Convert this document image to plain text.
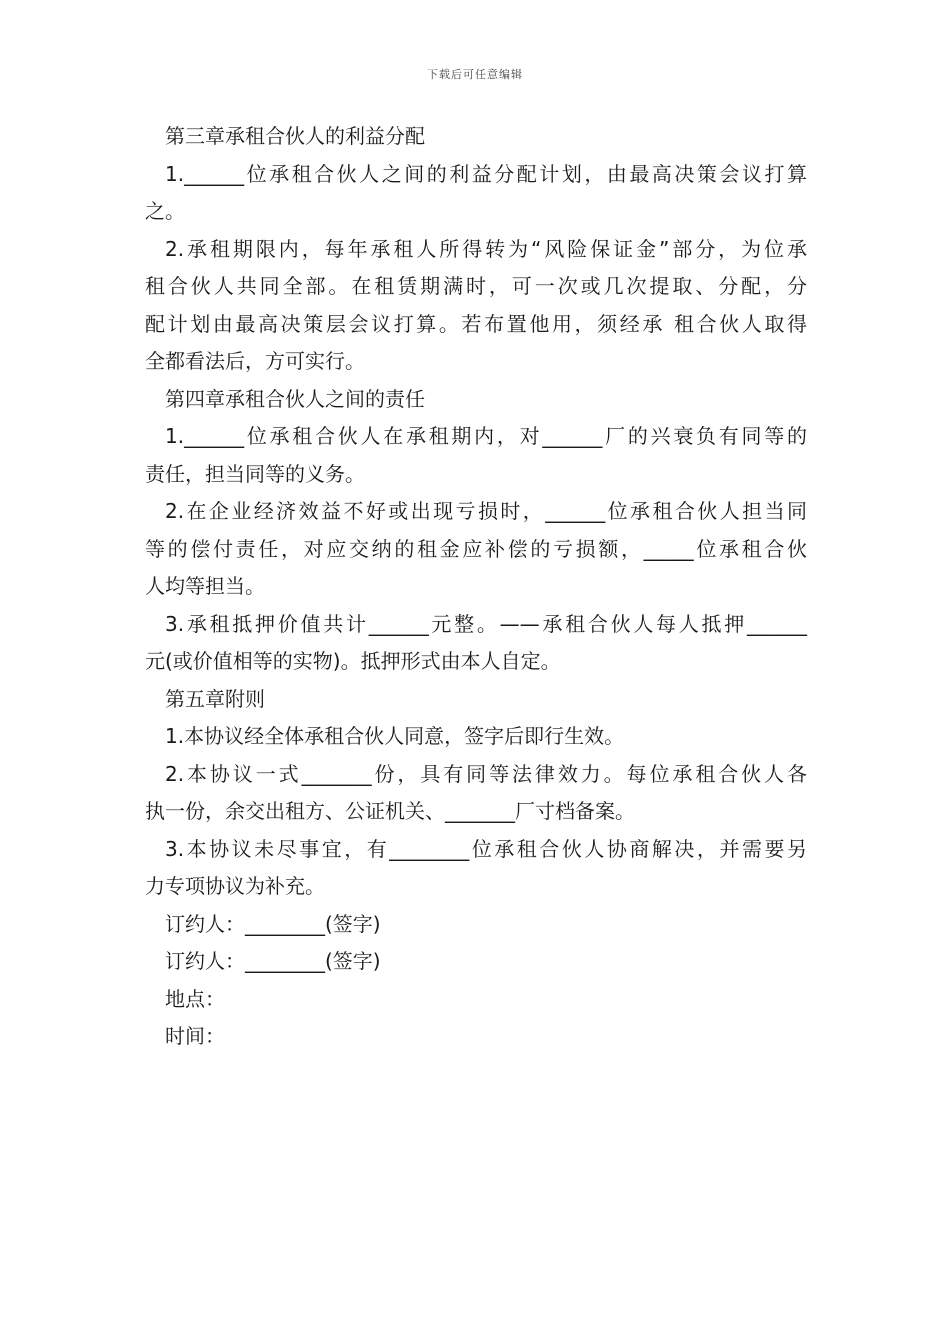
下载后可任意编辑
第三章承租合伙人的利益分配
1.______位承租合伙人之间的利益分配计划，由最高决策会议打算
之。
2.承租期限内，每年承租人所得转为“风险保证金”部分，为位承
租合伙人共同全部。在租赁期满时，可一次或几次提取、分配，分
配计划由最高决策层会议打算。若布置他用，须经承 租合伙人取得
全都看法后，方可实行。
第四章承租合伙人之间的责任
1.______位承租合伙人在承租期内，对______厂的兴衰负有同等的
责任，担当同等的义务。
2.在企业经济效益不好或出现亏损时，______位承租合伙人担当同
等的偿付责任，对应交纳的租金应补偿的亏损额，_____位承租合伙
人均等担当。
3.承租抵押价值共计______元整。——承租合伙人每人抵押______
元(或价值相等的实物)。抵押形式由本人自定。
第五章附则
1.本协议经全体承租合伙人同意，签字后即行生效。
2.本协议一式_______份，具有同等法律效力。每位承租合伙人各
执一份，余交出租方、公证机关、_______厂寸档备案。
3.本协议未尽事宜，有________位承租合伙人协商解决，并需要另
力专项协议为补充。
订约人：________(签字)
订约人：________(签字)
地点：
时间：
